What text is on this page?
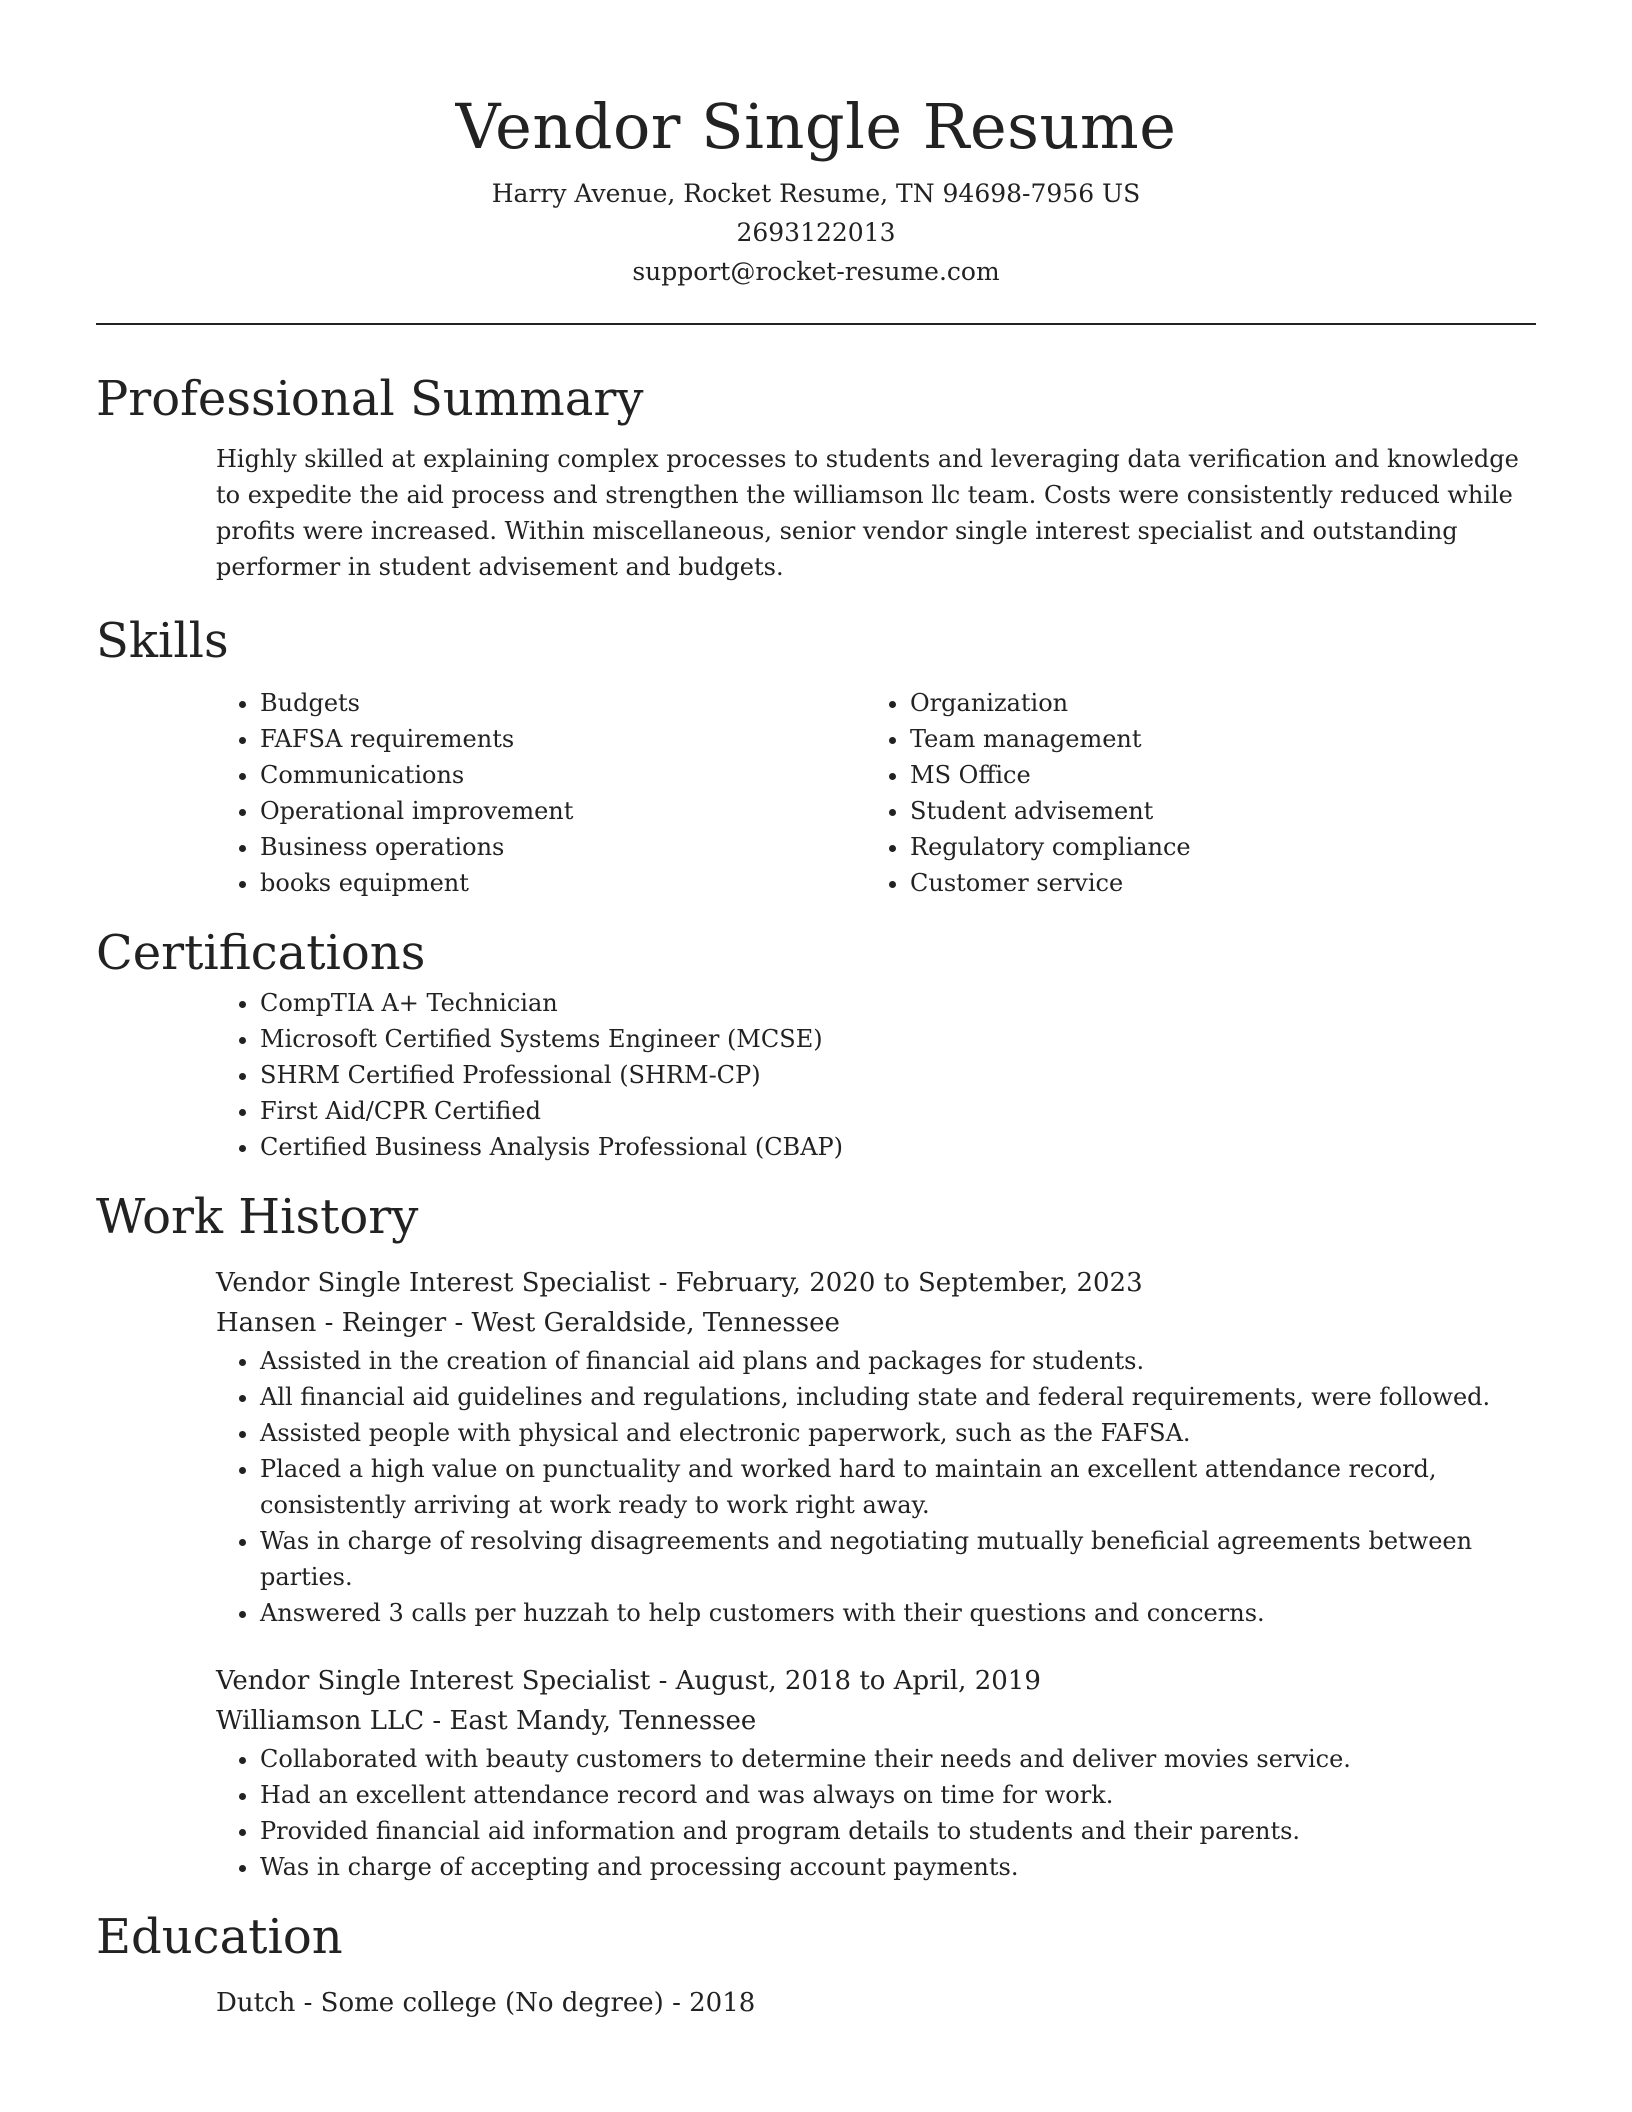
Vendor Single Resume
Harry Avenue, Rocket Resume, TN 94698-7956 US
2693122013
support@rocket-resume.com
Professional Summary
Highly skilled at explaining complex processes to students and leveraging data verification and knowledge to expedite the aid process and strengthen the williamson llc team. Costs were consistently reduced while profits were increased. Within miscellaneous, senior vendor single interest specialist and outstanding performer in student advisement and budgets.
Skills
• Budgets
• FAFSA requirements
• Communications
• Operational improvement
• Business operations
• books equipment
• Organization
• Team management
• MS Office
• Student advisement
• Regulatory compliance
• Customer service
Certifications
• CompTIA A+ Technician
• Microsoft Certified Systems Engineer (MCSE)
• SHRM Certified Professional (SHRM-CP)
• First Aid/CPR Certified
• Certified Business Analysis Professional (CBAP)
Work History
Vendor Single Interest Specialist - February, 2020 to September, 2023
Hansen - Reinger - West Geraldside, Tennessee
• Assisted in the creation of financial aid plans and packages for students.
• All financial aid guidelines and regulations, including state and federal requirements, were followed.
• Assisted people with physical and electronic paperwork, such as the FAFSA.
• Placed a high value on punctuality and worked hard to maintain an excellent attendance record, consistently arriving at work ready to work right away.
• Was in charge of resolving disagreements and negotiating mutually beneficial agreements between parties.
• Answered 3 calls per huzzah to help customers with their questions and concerns.
Vendor Single Interest Specialist - August, 2018 to April, 2019
Williamson LLC - East Mandy, Tennessee
• Collaborated with beauty customers to determine their needs and deliver movies service.
• Had an excellent attendance record and was always on time for work.
• Provided financial aid information and program details to students and their parents.
• Was in charge of accepting and processing account payments.
Education
Dutch - Some college (No degree) - 2018
